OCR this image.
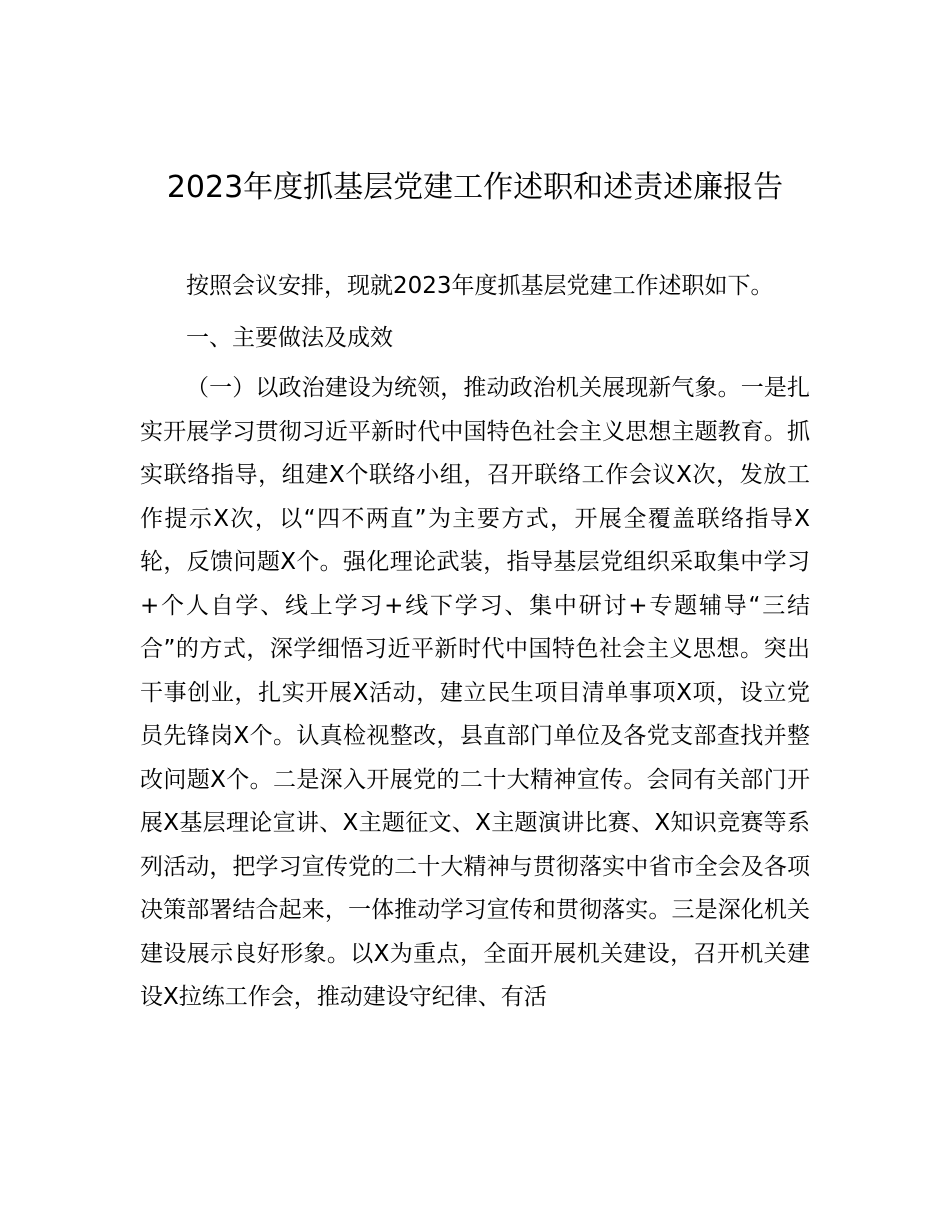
2023年度抓基层党建工作述职和述责述廉报告

按照会议安排，现就2023年度抓基层党建工作述职如下。

一、主要做法及成效

（一）以政治建设为统领，推动政治机关展现新气象。一是扎实开展学习贯彻习近平新时代中国特色社会主义思想主题教育。抓实联络指导，组建X个联络小组，召开联络工作会议X次，发放工作提示X次，以“四不两直”为主要方式，开展全覆盖联络指导X轮，反馈问题X个。强化理论武装，指导基层党组织采取集中学习+个人自学、线上学习+线下学习、集中研讨+专题辅导“三结合”的方式，深学细悟习近平新时代中国特色社会主义思想。突出干事创业，扎实开展X活动，建立民生项目清单事项X项，设立党员先锋岗X个。认真检视整改，县直部门单位及各党支部查找并整改问题X个。二是深入开展党的二十大精神宣传。会同有关部门开展X基层理论宣讲、X主题征文、X主题演讲比赛、X知识竞赛等系列活动，把学习宣传党的二十大精神与贯彻落实中省市全会及各项决策部署结合起来，一体推动学习宣传和贯彻落实。三是深化机关建设展示良好形象。以X为重点，全面开展机关建设，召开机关建设X拉练工作会，推动建设守纪律、有活
